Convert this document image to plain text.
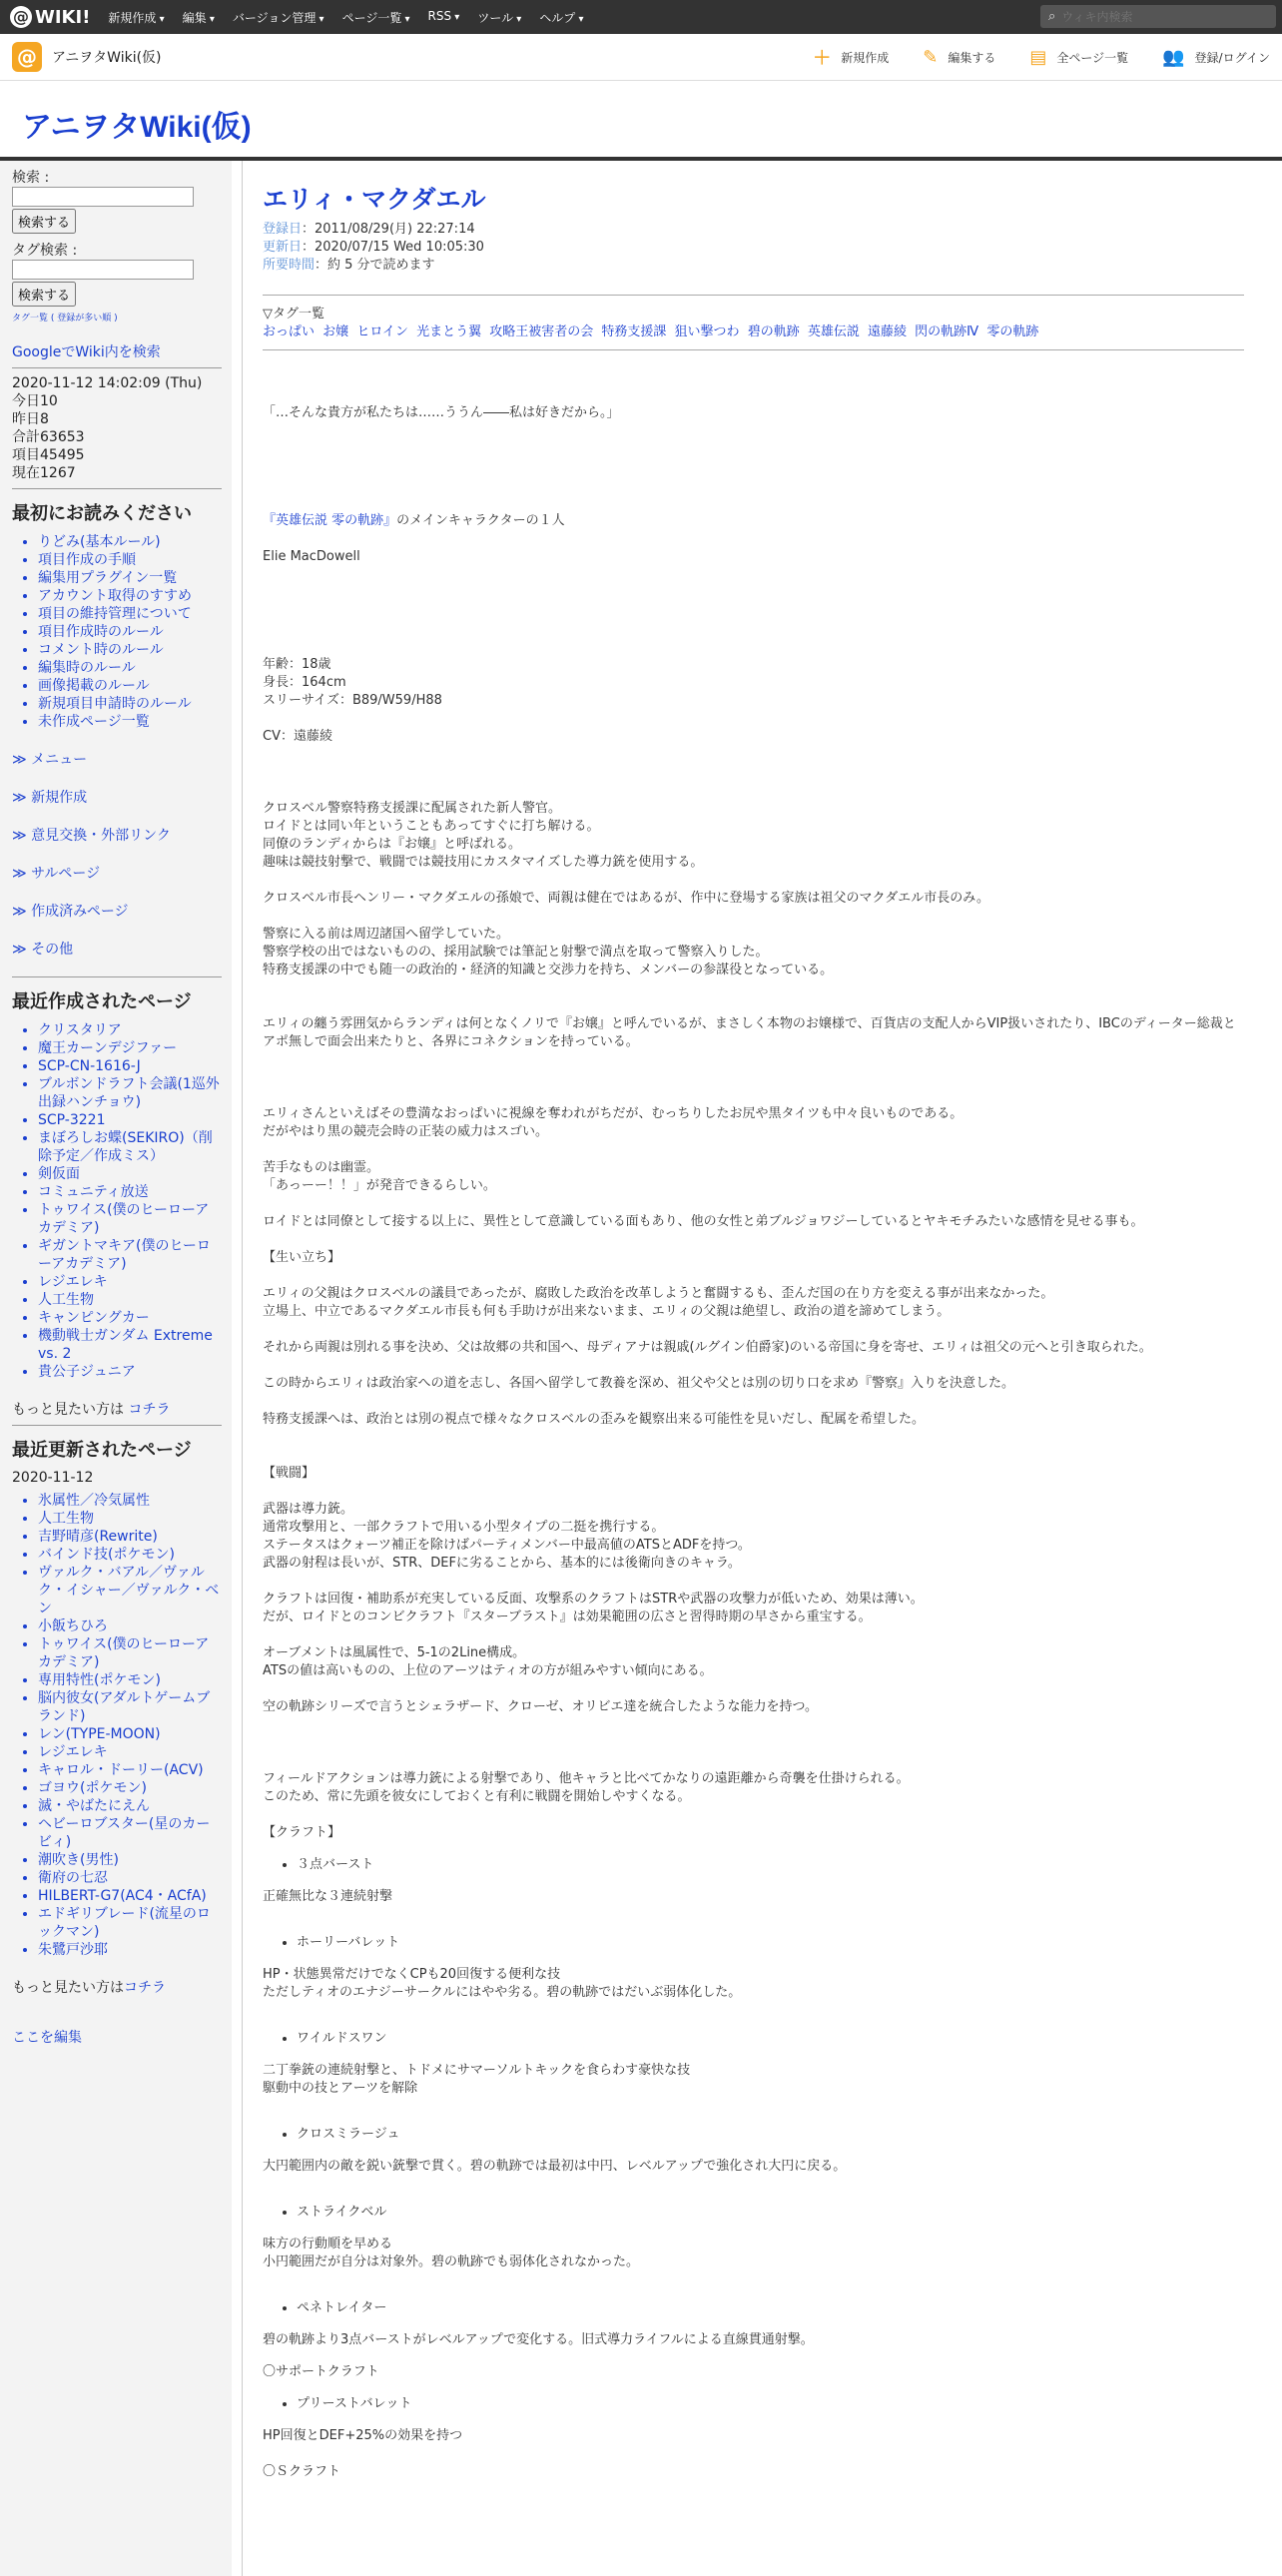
@ WIKI! 新規作成 ▾	編集 ▾	バージョン管理 ▾	ページ一覧 ▾	RSS ▾	ツール ▾	ヘルプ ▾	⌕
ウィキ内検索
@	アニヲタWiki(仮)	＋ 新規作成 ✎ 編集する ▤ 全ページ一覧 👥 登録/ログイン
アニヲタWiki(仮)
検索 :

検索する
タグ検索 :

検索する
タグ一覧 ( 登録が多い順 )
GoogleでWiki内を検索
2020-11-12 14:02:09 (Thu)
今日10
昨日8
合計63653
項目45495
現在1267
最初にお読みください
• りどみ(基本ルール)
• 項目作成の手順
• 編集用プラグイン一覧
• アカウント取得のすすめ
• 項目の維持管理について
• 項目作成時のルール
• コメント時のルール
• 編集時のルール
• 画像掲載のルール
• 新規項目申請時のルール
• 未作成ページ一覧
≫ メニュー
≫ 新規作成
≫ 意見交換・外部リンク
≫ サルページ
≫ 作成済みページ
≫ その他
最近作成されたページ
• クリスタリア
• 魔王カーンデジファー
• SCP-CN-1616-J
• ブルボンドラフト会議(1巡外出録ハンチョウ)
• SCP-3221
• まぼろしお蝶(SEKIRO)（削除予定／作成ミス）
• 剣仮面
• コミュニティ放送
• トゥワイス(僕のヒーローアカデミア)
• ギガントマキア(僕のヒーローアカデミア)
• レジエレキ
• 人工生物
• キャンピングカー
• 機動戦士ガンダム Extreme vs. 2
• 貴公子ジュニア
もっと見たい方は コチラ
最近更新されたページ
2020-11-12
• 氷属性／冷気属性
• 人工生物
• 吉野晴彦(Rewrite)
• バインド技(ポケモン)
• ヴァルク・バアル／ヴァルク・イシャー／ヴァルク・ベン
• 小飯ちひろ
• トゥワイス(僕のヒーローアカデミア)
• 専用特性(ポケモン)
• 脳内彼女(アダルトゲームブランド)
• レン(TYPE-MOON)
• レジエレキ
• キャロル・ドーリー(ACV)
• ゴヨウ(ポケモン)
• 滅・やばたにえん
• ヘビーロブスター(星のカービィ)
• 潮吹き(男性)
• 衛府の七忍
• HILBERT-G7(AC4・ACfA)
• エドギリブレード(流星のロックマン)
• 朱鷺戸沙耶
もっと見たい方はコチラ
ここを編集
エリィ・マクダエル
登録日：2011/08/29(月) 22:27:14
更新日：2020/07/15 Wed 10:05:30
所要時間：約 5 分で読めます
▽タグ一覧
おっぱい お嬢 ヒロイン 光まとう翼 攻略王被害者の会 特務支援課 狙い撃つわ 碧の軌跡 英雄伝説 遠藤綾 閃の軌跡Ⅳ 零の軌跡

「…そんな貴方が私たちは……ううん――私は好きだから。」

『英雄伝説 零の軌跡』のメインキャラクターの１人

Elie MacDowell

年齢：18歳

身長：164cm

スリーサイズ：B89/W59/H88

CV：遠藤綾

クロスベル警察特務支援課に配属された新人警官。

ロイドとは同い年ということもあってすぐに打ち解ける。

同僚のランディからは『お嬢』と呼ばれる。

趣味は競技射撃で、戦闘では競技用にカスタマイズした導力銃を使用する。

クロスベル市長ヘンリー・マクダエルの孫娘で、両親は健在ではあるが、作中に登場する家族は祖父のマクダエル市長のみ。

警察に入る前は周辺諸国へ留学していた。

警察学校の出ではないものの、採用試験では筆記と射撃で満点を取って警察入りした。

特務支援課の中でも随一の政治的・経済的知識と交渉力を持ち、メンバーの参謀役となっている。

エリィの纏う雰囲気からランディは何となくノリで『お嬢』と呼んでいるが、まさしく本物のお嬢様で、百貨店の支配人からVIP扱いされたり、IBCのディーター総裁とアポ無しで面会出来たりと、各界にコネクションを持っている。

エリィさんといえばその豊満なおっぱいに視線を奪われがちだが、むっちりしたお尻や黒タイツも中々良いものである。

だがやはり黒の競売会時の正装の威力はスゴい。

苦手なものは幽霊。

「あっーー！！」が発音できるらしい。

ロイドとは同僚として接する以上に、異性として意識している面もあり、他の女性と弟ブルジョワジーしているとヤキモチみたいな感情を見せる事も。

【生い立ち】

エリィの父親はクロスベルの議員であったが、腐敗した政治を改革しようと奮闘するも、歪んだ国の在り方を変える事が出来なかった。

立場上、中立であるマクダエル市長も何も手助けが出来ないまま、エリィの父親は絶望し、政治の道を諦めてしまう。

それから両親は別れる事を決め、父は故郷の共和国へ、母ディアナは親戚(ルグイン伯爵家)のいる帝国に身を寄せ、エリィは祖父の元へと引き取られた。

この時からエリィは政治家への道を志し、各国へ留学して教養を深め、祖父や父とは別の切り口を求め『警察』入りを決意した。

特務支援課へは、政治とは別の視点で様々なクロスベルの歪みを観察出来る可能性を見いだし、配属を希望した。

【戦闘】

武器は導力銃。

通常攻撃用と、一部クラフトで用いる小型タイプの二挺を携行する。

ステータスはクォーツ補正を除けばパーティメンバー中最高値のATSとADFを持つ。

武器の射程は長いが、STR、DEFに劣ることから、基本的には後衛向きのキャラ。

クラフトは回復・補助系が充実している反面、攻撃系のクラフトはSTRや武器の攻撃力が低いため、効果は薄い。

だが、ロイドとのコンビクラフト『スターブラスト』は効果範囲の広さと習得時期の早さから重宝する。

オーブメントは風属性で、5-1の2Line構成。

ATSの値は高いものの、上位のアーツはティオの方が組みやすい傾向にある。

空の軌跡シリーズで言うとシェラザード、クローゼ、オリビエ達を統合したような能力を持つ。

フィールドアクションは導力銃による射撃であり、他キャラと比べてかなりの遠距離から奇襲を仕掛けられる。

このため、常に先頭を彼女にしておくと有利に戦闘を開始しやすくなる。

【クラフト】

• ３点バースト

正確無比な３連続射撃

• ホーリーバレット

HP・状態異常だけでなくCPも20回復する便利な技

ただしティオのエナジーサークルにはやや劣る。碧の軌跡ではだいぶ弱体化した。

• ワイルドスワン

二丁拳銃の連続射撃と、トドメにサマーソルトキックを食らわす豪快な技

駆動中の技とアーツを解除

• クロスミラージュ

大円範囲内の敵を鋭い銃撃で貫く。碧の軌跡では最初は中円、レベルアップで強化され大円に戻る。

• ストライクベル

味方の行動順を早める

小円範囲だが自分は対象外。碧の軌跡でも弱体化されなかった。

• ペネトレイター

碧の軌跡より3点バーストがレベルアップで変化する。旧式導力ライフルによる直線貫通射撃。

〇サポートクラフト

• プリーストバレット

HP回復とDEF+25%の効果を持つ

〇Ｓクラフト
